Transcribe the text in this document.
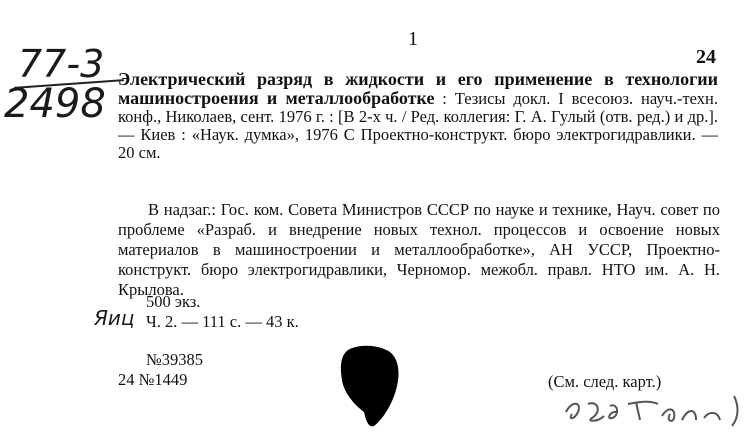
1
24
77-3
2498
Электрический разряд в жидкости и его применение в технологии машиностроения и металлообработке : Тезисы докл. I всесоюз. науч.-техн. конф., Николаев, сент. 1976 г. : [В 2-х ч. / Ред. коллегия: Г. А. Гулый (отв. ред.) и др.]. — Киев : «Наук. думка», 1976 С Проектно-конструкт. бюро электрогидравлики. — 20 см.
В надзаг.: Гос. ком. Совета Министров СССР по науке и технике, Науч. совет по проблеме «Разраб. и внедрение новых технол. процессов и освоение новых материалов в машиностроении и металлообработке», АН УССР, Проектно-конструкт. бюро электрогидравлики, Черномор. межобл. правл. НТО им. А. Н. Крылова.
500 экз.
Яиц Ч. 2. — 111 с. — 43 к.
№39385
24 №1449	(См. след. карт.)
